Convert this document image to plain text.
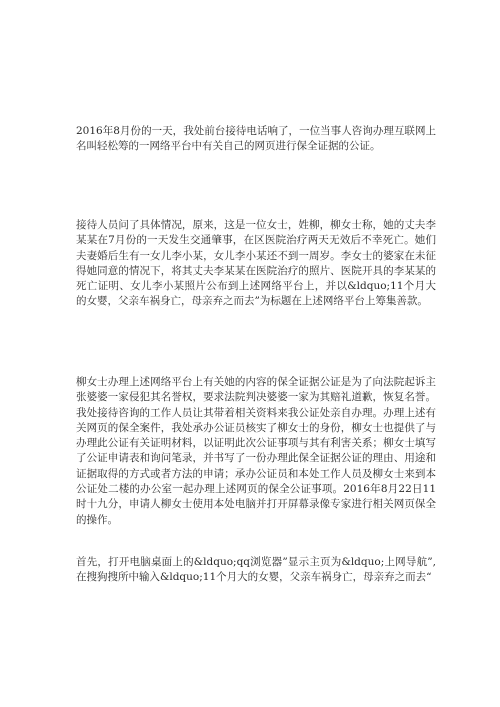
2016年8月份的一天，我处前台接待电话响了，一位当事人咨询办理互联网上名叫轻松筹的一网络平台中有关自己的网页进行保全证据的公证。

接待人员问了具体情况，原来，这是一位女士，姓柳，柳女士称，她的丈夫李某某在7月份的一天发生交通肇事，在区医院治疗两天无效后不幸死亡。她们夫妻婚后生有一女儿李小某，女儿李小某还不到一周岁。李女士的婆家在未征得她同意的情况下，将其丈夫李某某在医院治疗的照片、医院开具的李某某的死亡证明、女儿李小某照片公布到上述网络平台上，并以&ldquo;11个月大的女婴，父亲车祸身亡，母亲弃之而去”为标题在上述网络平台上筹集善款。

柳女士办理上述网络平台上有关她的内容的保全证据公证是为了向法院起诉主张婆婆一家侵犯其名誉权，要求法院判决婆婆一家为其赔礼道歉，恢复名誉。我处接待咨询的工作人员让其带着相关资料来我公证处亲自办理。办理上述有关网页的保全案件，我处承办公证员核实了柳女士的身份，柳女士也提供了与办理此公证有关证明材料，以证明此次公证事项与其有利害关系；柳女士填写了公证申请表和询问笔录，并书写了一份办理此保全证据公证的理由、用途和证据取得的方式或者方法的申请；承办公证员和本处工作人员及柳女士来到本公证处二楼的办公室一起办理上述网页的保全公证事项。2016年8月22日11时十九分，申请人柳女士使用本处电脑并打开屏幕录像专家进行相关网页保全的操作。

首先，打开电脑桌面上的&ldquo;qq浏览器”显示主页为&ldquo;上网导航”,在搜狗搜所中输入&ldquo;11个月大的女婴，父亲车祸身亡，母亲弃之而去“
